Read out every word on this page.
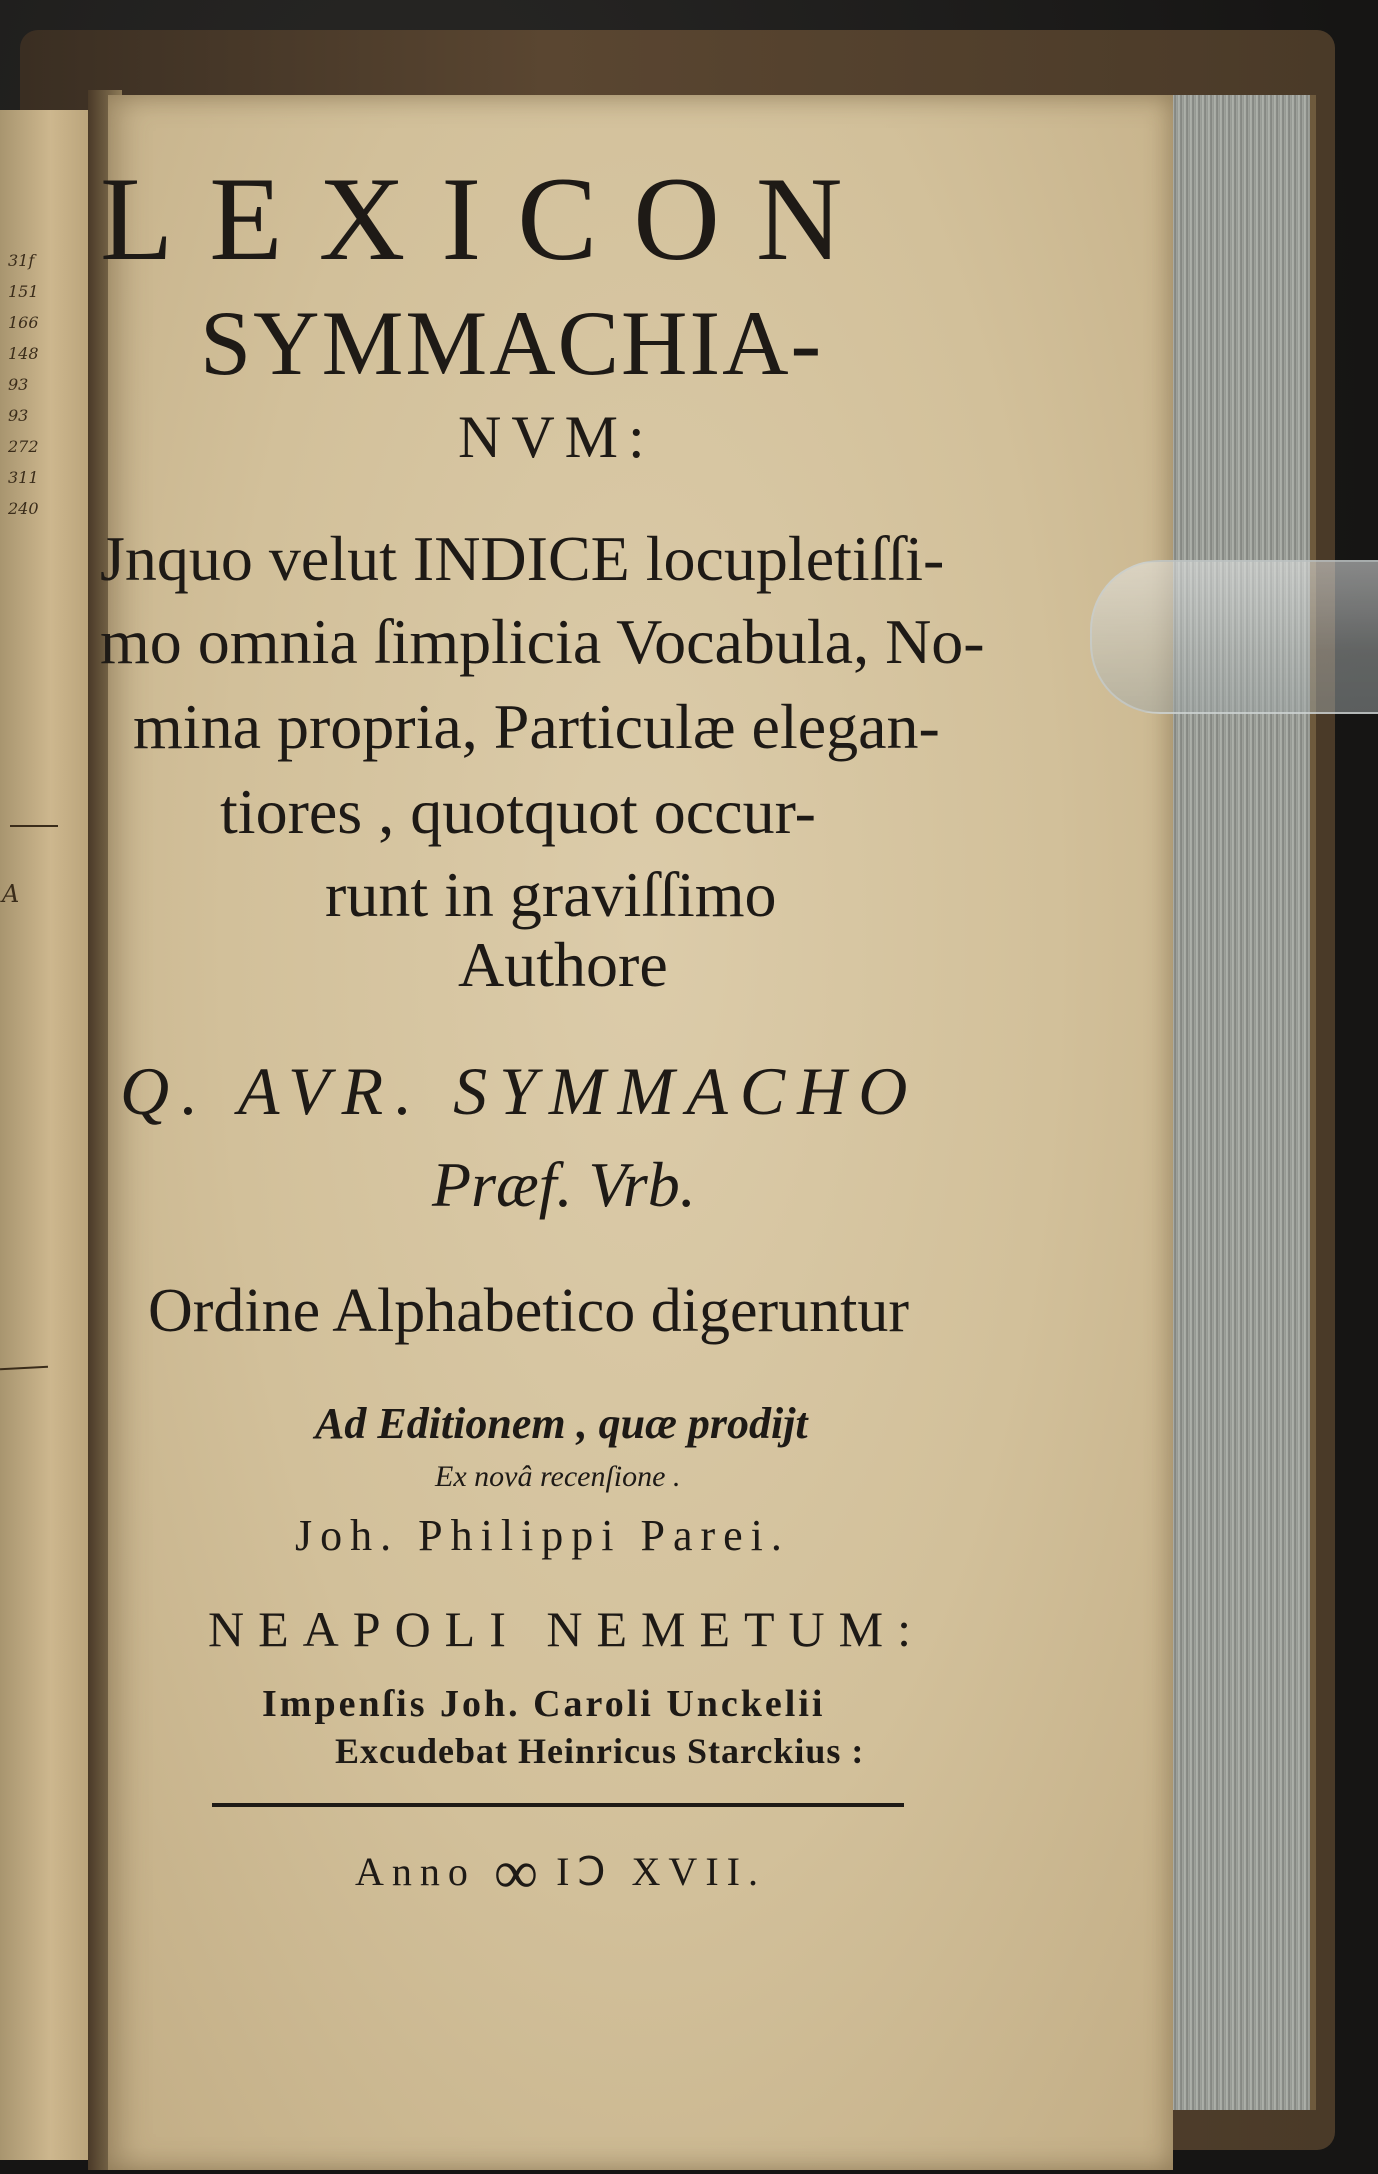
31f
151
166
148
93
93
272
311
240
A
LEXICON
SYMMACHIA-
NVM:
Jnquo velut INDICE locupletiſſi-
mo omnia ſimplicia Vocabula, No-
mina propria, Particulæ elegan-
tiores , quotquot occur-
runt in graviſſimo
Authore
Q. AVR. SYMMACHO
Præf. Vrb.
Ordine Alphabetico digeruntur
Ad Editionem , quæ prodiјt
Ex novâ recenſione .
Joh. Philippi Parei.
NEAPOLI NEMETUM:
Impenſis Joh. Caroli Unckelii
Excudebat Heinricus Starckius :
Anno ∞ IↃ XVII.
